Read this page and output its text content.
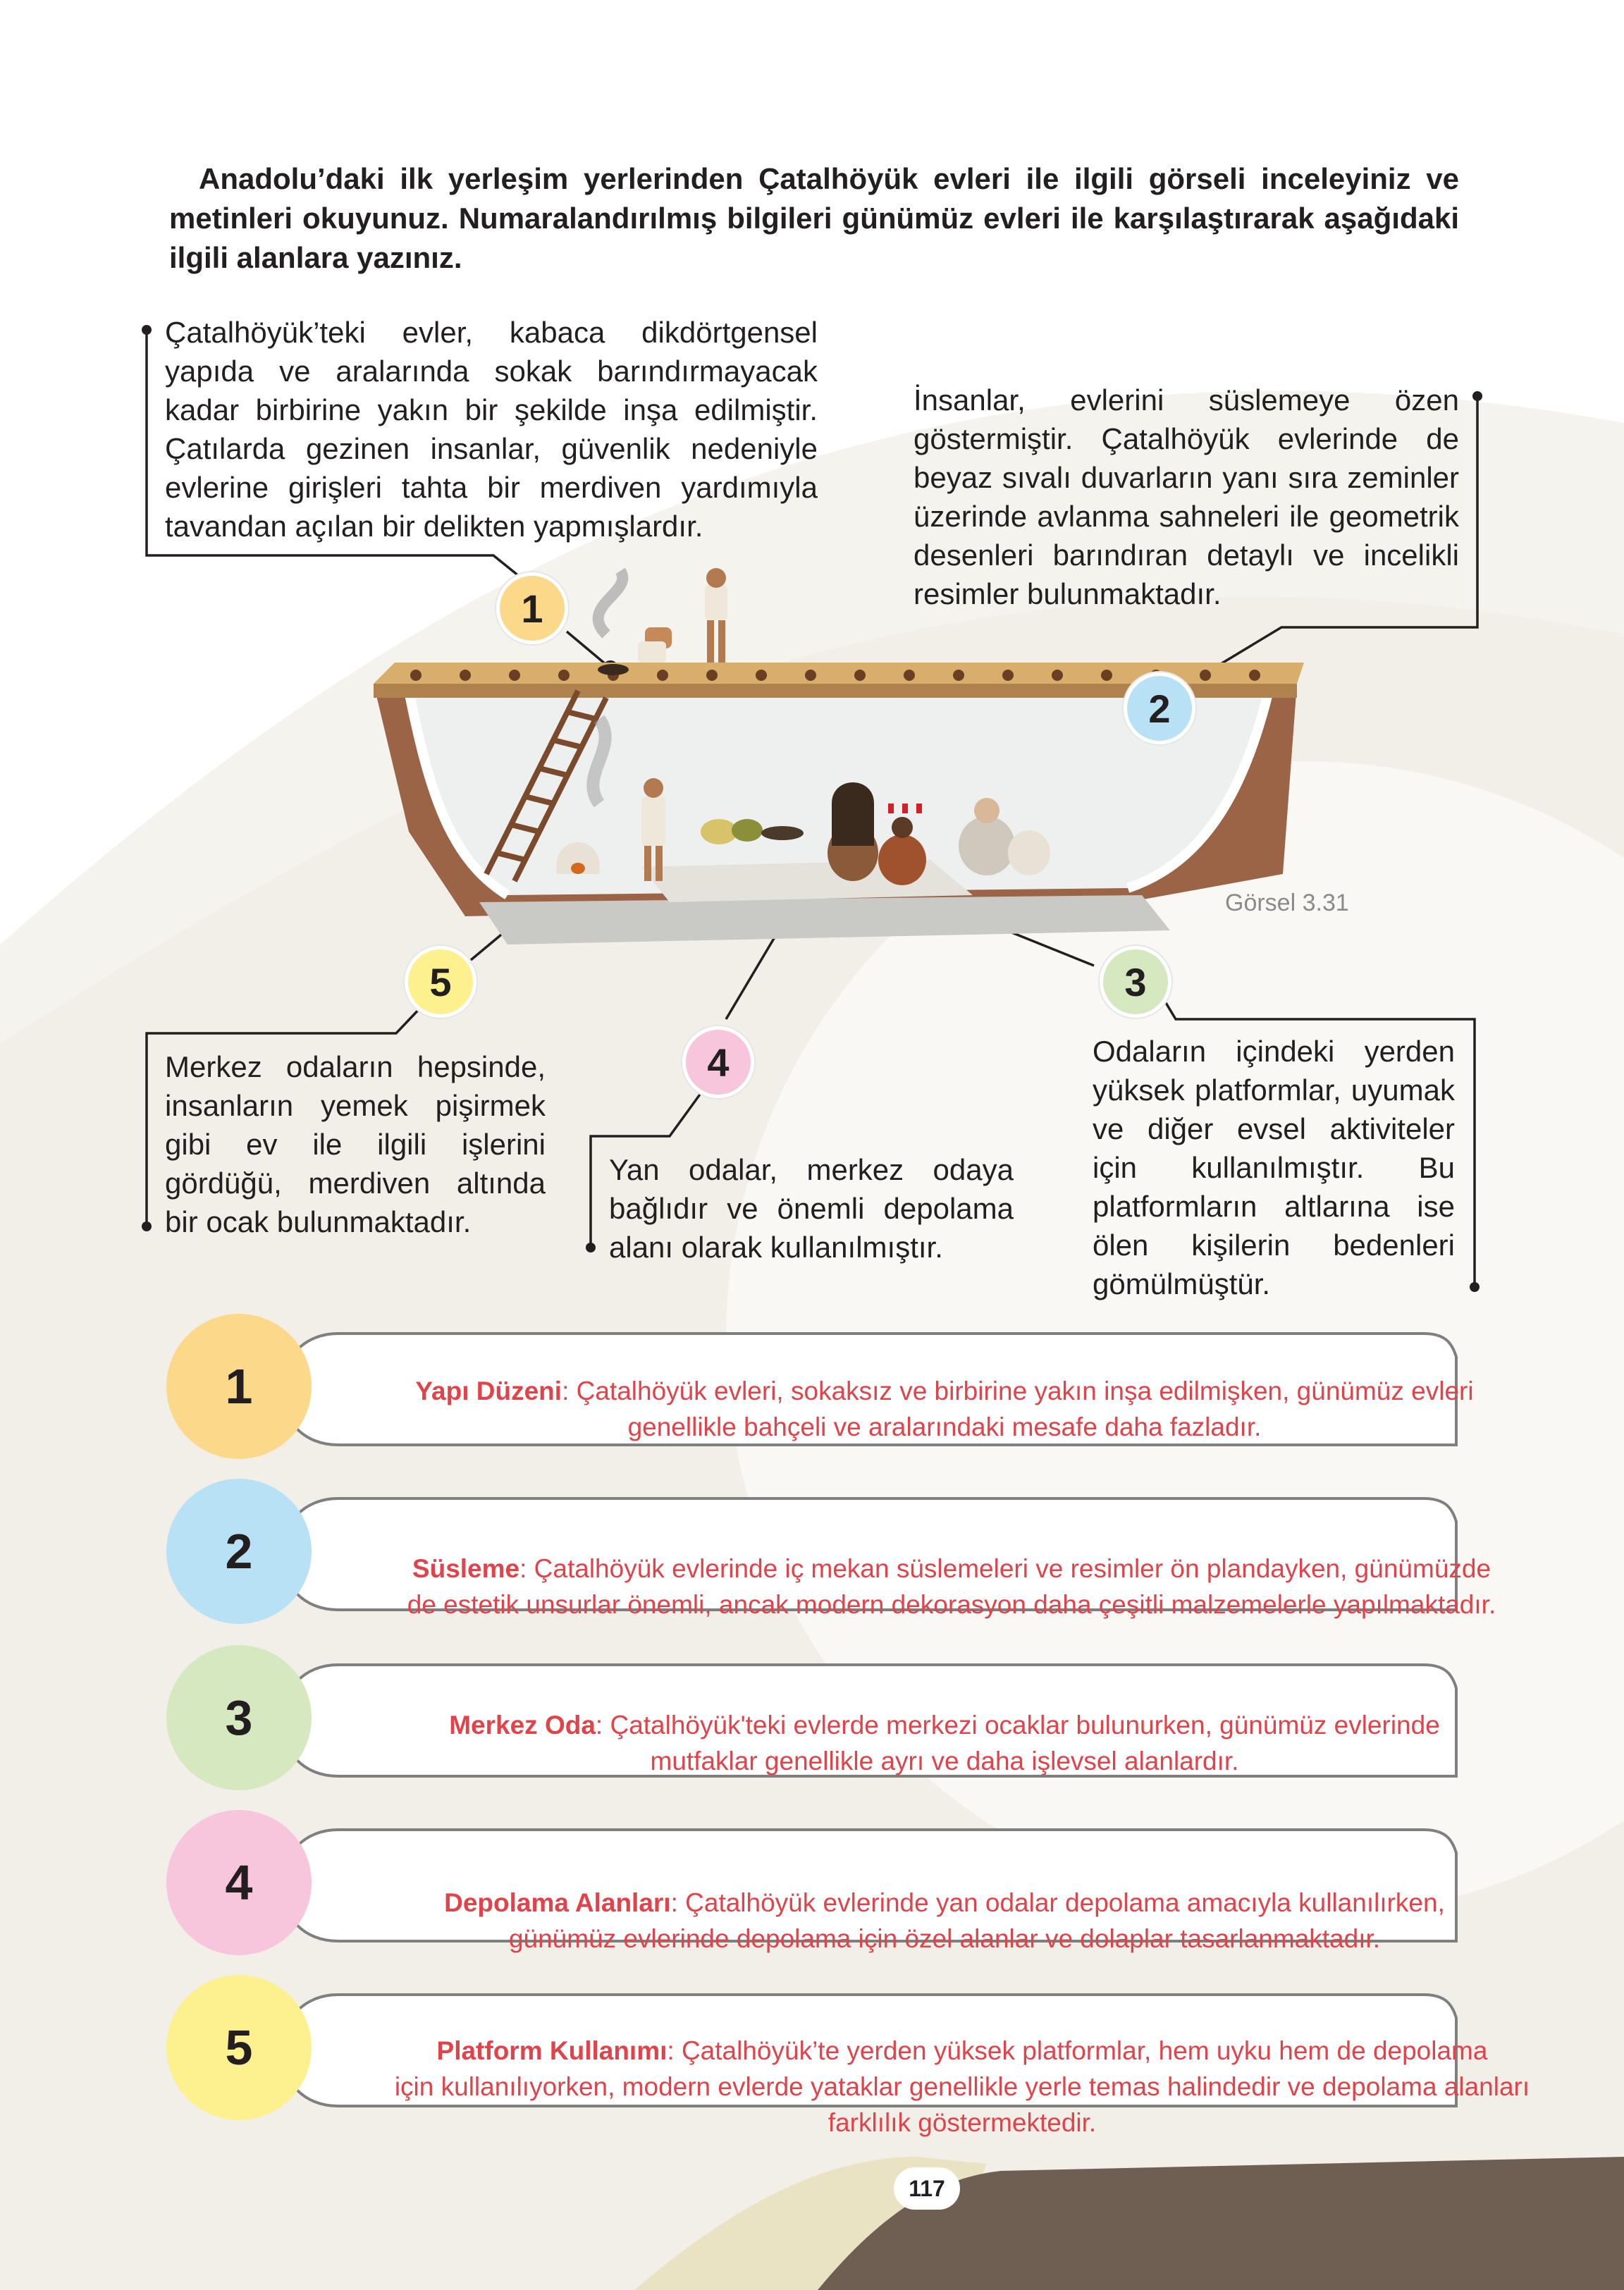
Anadolu’daki ilk yerleşim yerlerinden Çatalhöyük evleri ile ilgili görseli inceleyiniz ve metinleri okuyunuz. Numaralandırılmış bilgileri günümüz evleri ile karşılaştırarak aşağıdaki ilgili alanlara yazınız.
Çatalhöyük’teki evler, kabaca dikdörtgensel yapıda ve aralarında sokak barındırmayacak kadar birbirine yakın bir şekilde inşa edilmiştir. Çatılarda gezinen insanlar, güvenlik nedeniyle evlerine girişleri tahta bir merdiven yardımıyla tavandan açılan bir delikten yapmışlardır.
İnsanlar, evlerini süslemeye özen göstermiştir. Çatalhöyük evlerinde de beyaz sıvalı duvarların yanı sıra zeminler üzerinde avlanma sahneleri ile geometrik desenleri barındıran detaylı ve incelikli resimler bulunmaktadır.
Odaların içindeki yerden yüksek platformlar, uyumak ve diğer evsel aktiviteler için kullanılmıştır. Bu platformların altlarına ise ölen kişilerin bedenleri gömülmüştür.
Yan odalar, merkez odaya bağlıdır ve önemli depolama alanı olarak kullanılmıştır.
Merkez odaların hepsinde, insanların yemek pişirmek gibi ev ile ilgili işlerini gördüğü, merdiven altında bir ocak bulunmaktadır.
1
2
3
4
5
Görsel 3.31
1
2
3
4
5
Yapı Düzeni: Çatalhöyük evleri, sokaksız ve birbirine yakın inşa edilmişken, günümüz evleri
genellikle bahçeli ve aralarındaki mesafe daha fazladır.
Süsleme: Çatalhöyük evlerinde iç mekan süslemeleri ve resimler ön plandayken, günümüzde
de estetik unsurlar önemli, ancak modern dekorasyon daha çeşitli malzemelerle yapılmaktadır.
Merkez Oda: Çatalhöyük'teki evlerde merkezi ocaklar bulunurken, günümüz evlerinde
mutfaklar genellikle ayrı ve daha işlevsel alanlardır.
Depolama Alanları: Çatalhöyük evlerinde yan odalar depolama amacıyla kullanılırken,
günümüz evlerinde depolama için özel alanlar ve dolaplar tasarlanmaktadır.
Platform Kullanımı: Çatalhöyük’te yerden yüksek platformlar, hem uyku hem de depolama
için kullanılıyorken, modern evlerde yataklar genellikle yerle temas halindedir ve depolama alanları
farklılık göstermektedir.
117
